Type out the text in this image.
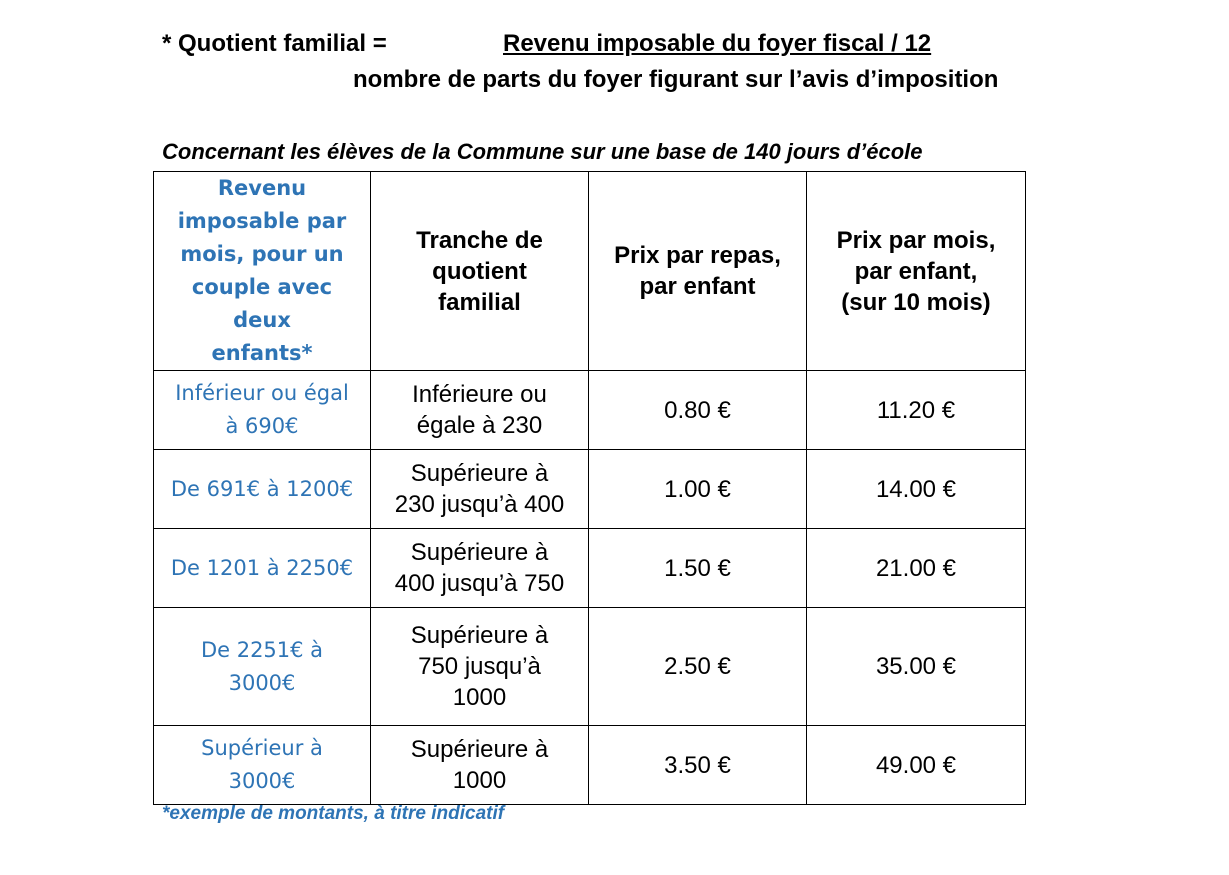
* Quotient familial =	Revenu imposable du foyer fiscal / 12
nombre de parts du foyer figurant sur l’avis d’imposition
Concernant les élèves de la Commune sur une base de 140 jours d’école
Revenu
imposable par
mois, pour un
couple avec deux
enfants*	Tranche de
quotient
familial	Prix par repas,
par enfant	Prix par mois,
par enfant,
(sur 10 mois)
Inférieur ou égal
à 690€	Inférieure ou
égale à 230	0.80 €	11.20 €
De 691€ à 1200€	Supérieure à
230 jusqu’à 400	1.00 €	14.00 €
De 1201 à 2250€	Supérieure à
400 jusqu’à 750	1.50 €	21.00 €
De 2251€ à
3000€	Supérieure à
750 jusqu’à
1000	2.50 €	35.00 €
Supérieur à
3000€	Supérieure à
1000	3.50 €	49.00 €
*exemple de montants, à titre indicatif
